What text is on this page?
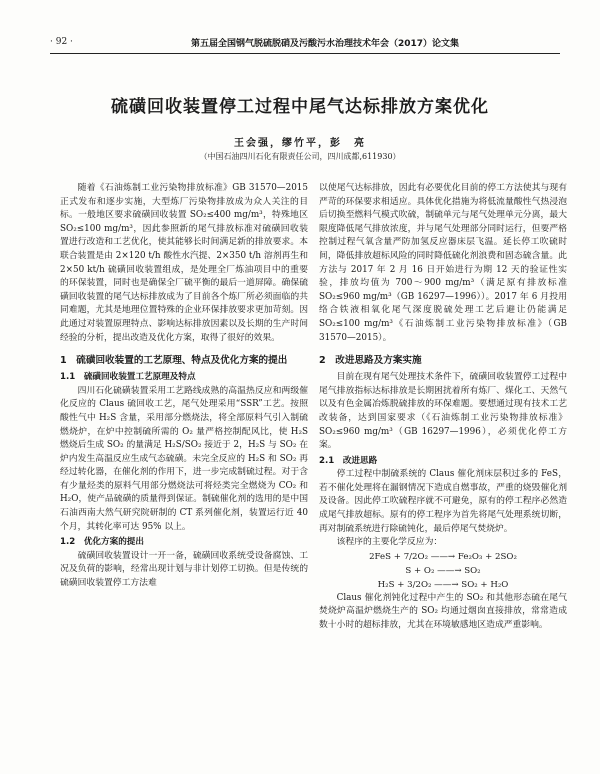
· 92 ·	第五届全国钢气脱硫脱硝及污酸污水治理技术年会（2017）论文集
硫磺回收装置停工过程中尾气达标排放方案优化
王会强，缪竹平，彭　亮
（中国石油四川石化有限责任公司，四川成都,611930）

随着《石油炼制工业污染物排放标准》GB 31570—2015 正式发布和逐步实施，大型炼厂污染物排放成为众人关注的目标。一般地区要求硫磺回收装置 SO₂≤400 mg/m³，特殊地区 SO₂≤100 mg/m³，因此参照新的尾气排放标准对硫磺回收装置进行改造和工艺优化，使其能够长时间满足新的排放要求。本联合装置是由 2×120 t/h 酸性水汽提、2×350 t/h 溶剂再生和 2×50 kt/h 硫磺回收装置组成，是处理全厂炼油项目中的重要的环保装置，同时也是确保全厂硫平衡的最后一道屏障。确保硫磺回收装置的尾气达标排放成为了目前各个炼厂所必须面临的共同难题，尤其是地理位置特殊的企业环保排放要求更加苛刻。因此通过对装置原理特点、影响达标排放因素以及长期的生产时间经验的分析，提出改造及优化方案，取得了很好的效果。

1　硫磺回收装置的工艺原理、特点及优化方案的提出
1.1　硫磺回收装置工艺原理及特点

四川石化硫磺装置采用工艺路线成熟的高温热反应和两级催化反应的 Claus 硫回收工艺，尾气处理采用“SSR”工艺。按照酸性气中 H₂S 含量，采用部分燃烧法，将全部原料气引入制硫燃烧炉，在炉中控制硫所需的 O₂ 量严格控制配风比，使 H₂S 燃烧后生成 SO₂ 的量满足 H₂S/SO₂ 接近于 2，H₂S 与 SO₂ 在炉内发生高温反应生成气态硫磺。未完全反应的 H₂S 和 SO₂ 再经过转化器，在催化剂的作用下，进一步完成制硫过程。对于含有少量烃类的原料气用部分燃烧法可将烃类完全燃烧为 CO₂ 和 H₂O，使产品硫磺的质量得到保证。制硫催化剂的选用的是中国石油西南大然气研究院研制的 CT 系列催化剂，装置运行近 40 个月，其转化率可达 95% 以上。

1.2　优化方案的提出

硫磺回收装置设计一开一备，硫磺回收系统受设备腐蚀、工况及负荷的影响，经常出现计划与非计划停工切换。但是传统的硫磺回收装置停工方法难

以使尾气达标排放，因此有必要优化目前的停工方法使其与现有严苛的环保要求相适应。具体优化措施为将低流量酸性气热浸泡后切换至燃料气模式吹硫，制硫单元与尾气处理单元分离，最大限度降低尾气排放浓度，并与尾气处理部分同时运行，但要严格控制过程气氧含量严防加氢反应器床层飞温。延长停工吹硫时间，降低排放超标风险的同时降低硫化剂浪费和固态硫含量。此方法与 2017 年 2 月 16 日开始进行为期 12 天的验证性实验，排放均值为 700～900 mg/m³（满足原有排放标准 SO₂≤960 mg/m³（GB 16297—1996））。2017 年 6 月投用络合铁液相氧化尾气深度脱硫处理工艺后避让仍能满足 SO₂≤100 mg/m³《石油炼制工业污染物排放标准》（GB 31570—2015）。

2　改进思路及方案实施

目前在现有尾气处理技术条件下，硫磺回收装置停工过程中尾气排放指标达标排放是长期困扰着所有炼厂、煤化工、天然气以及有色金属冶炼脱硫排放的环保难题。要想通过现有技术工艺改装备，达到国家要求（《石油炼制工业污染物排放标准》SO₂≤960 mg/m³（GB 16297—1996），必须优化停工方案。

2.1　改进思路

停工过程中制硫系统的 Claus 催化剂床层积过多的 FeS，若不催化处理将在漏钢情况下造成自燃事故，严重的烧毁催化剂及设备。因此停工吹硫程序就不可避免，原有的停工程序必然造成尾气排放超标。原有的停工程序为首先将尾气处理系统切断，再对制硫系统进行除硫钝化，最后停尾气焚烧炉。

该程序的主要化学反应为：

2FeS + 7/2O₂ ——→ Fe₂O₃ + 2SO₂
S + O₂ ——→ SO₂
H₂S + 3/2O₂ ——→ SO₂ + H₂O

Claus 催化剂钝化过程中产生的 SO₂ 和其他形态硫在尾气焚烧炉高温炉燃烧生产的 SO₂ 均通过烟囱直接排放，常常造成数十小时的超标排放，尤其在环境敏感地区造成严重影响。
